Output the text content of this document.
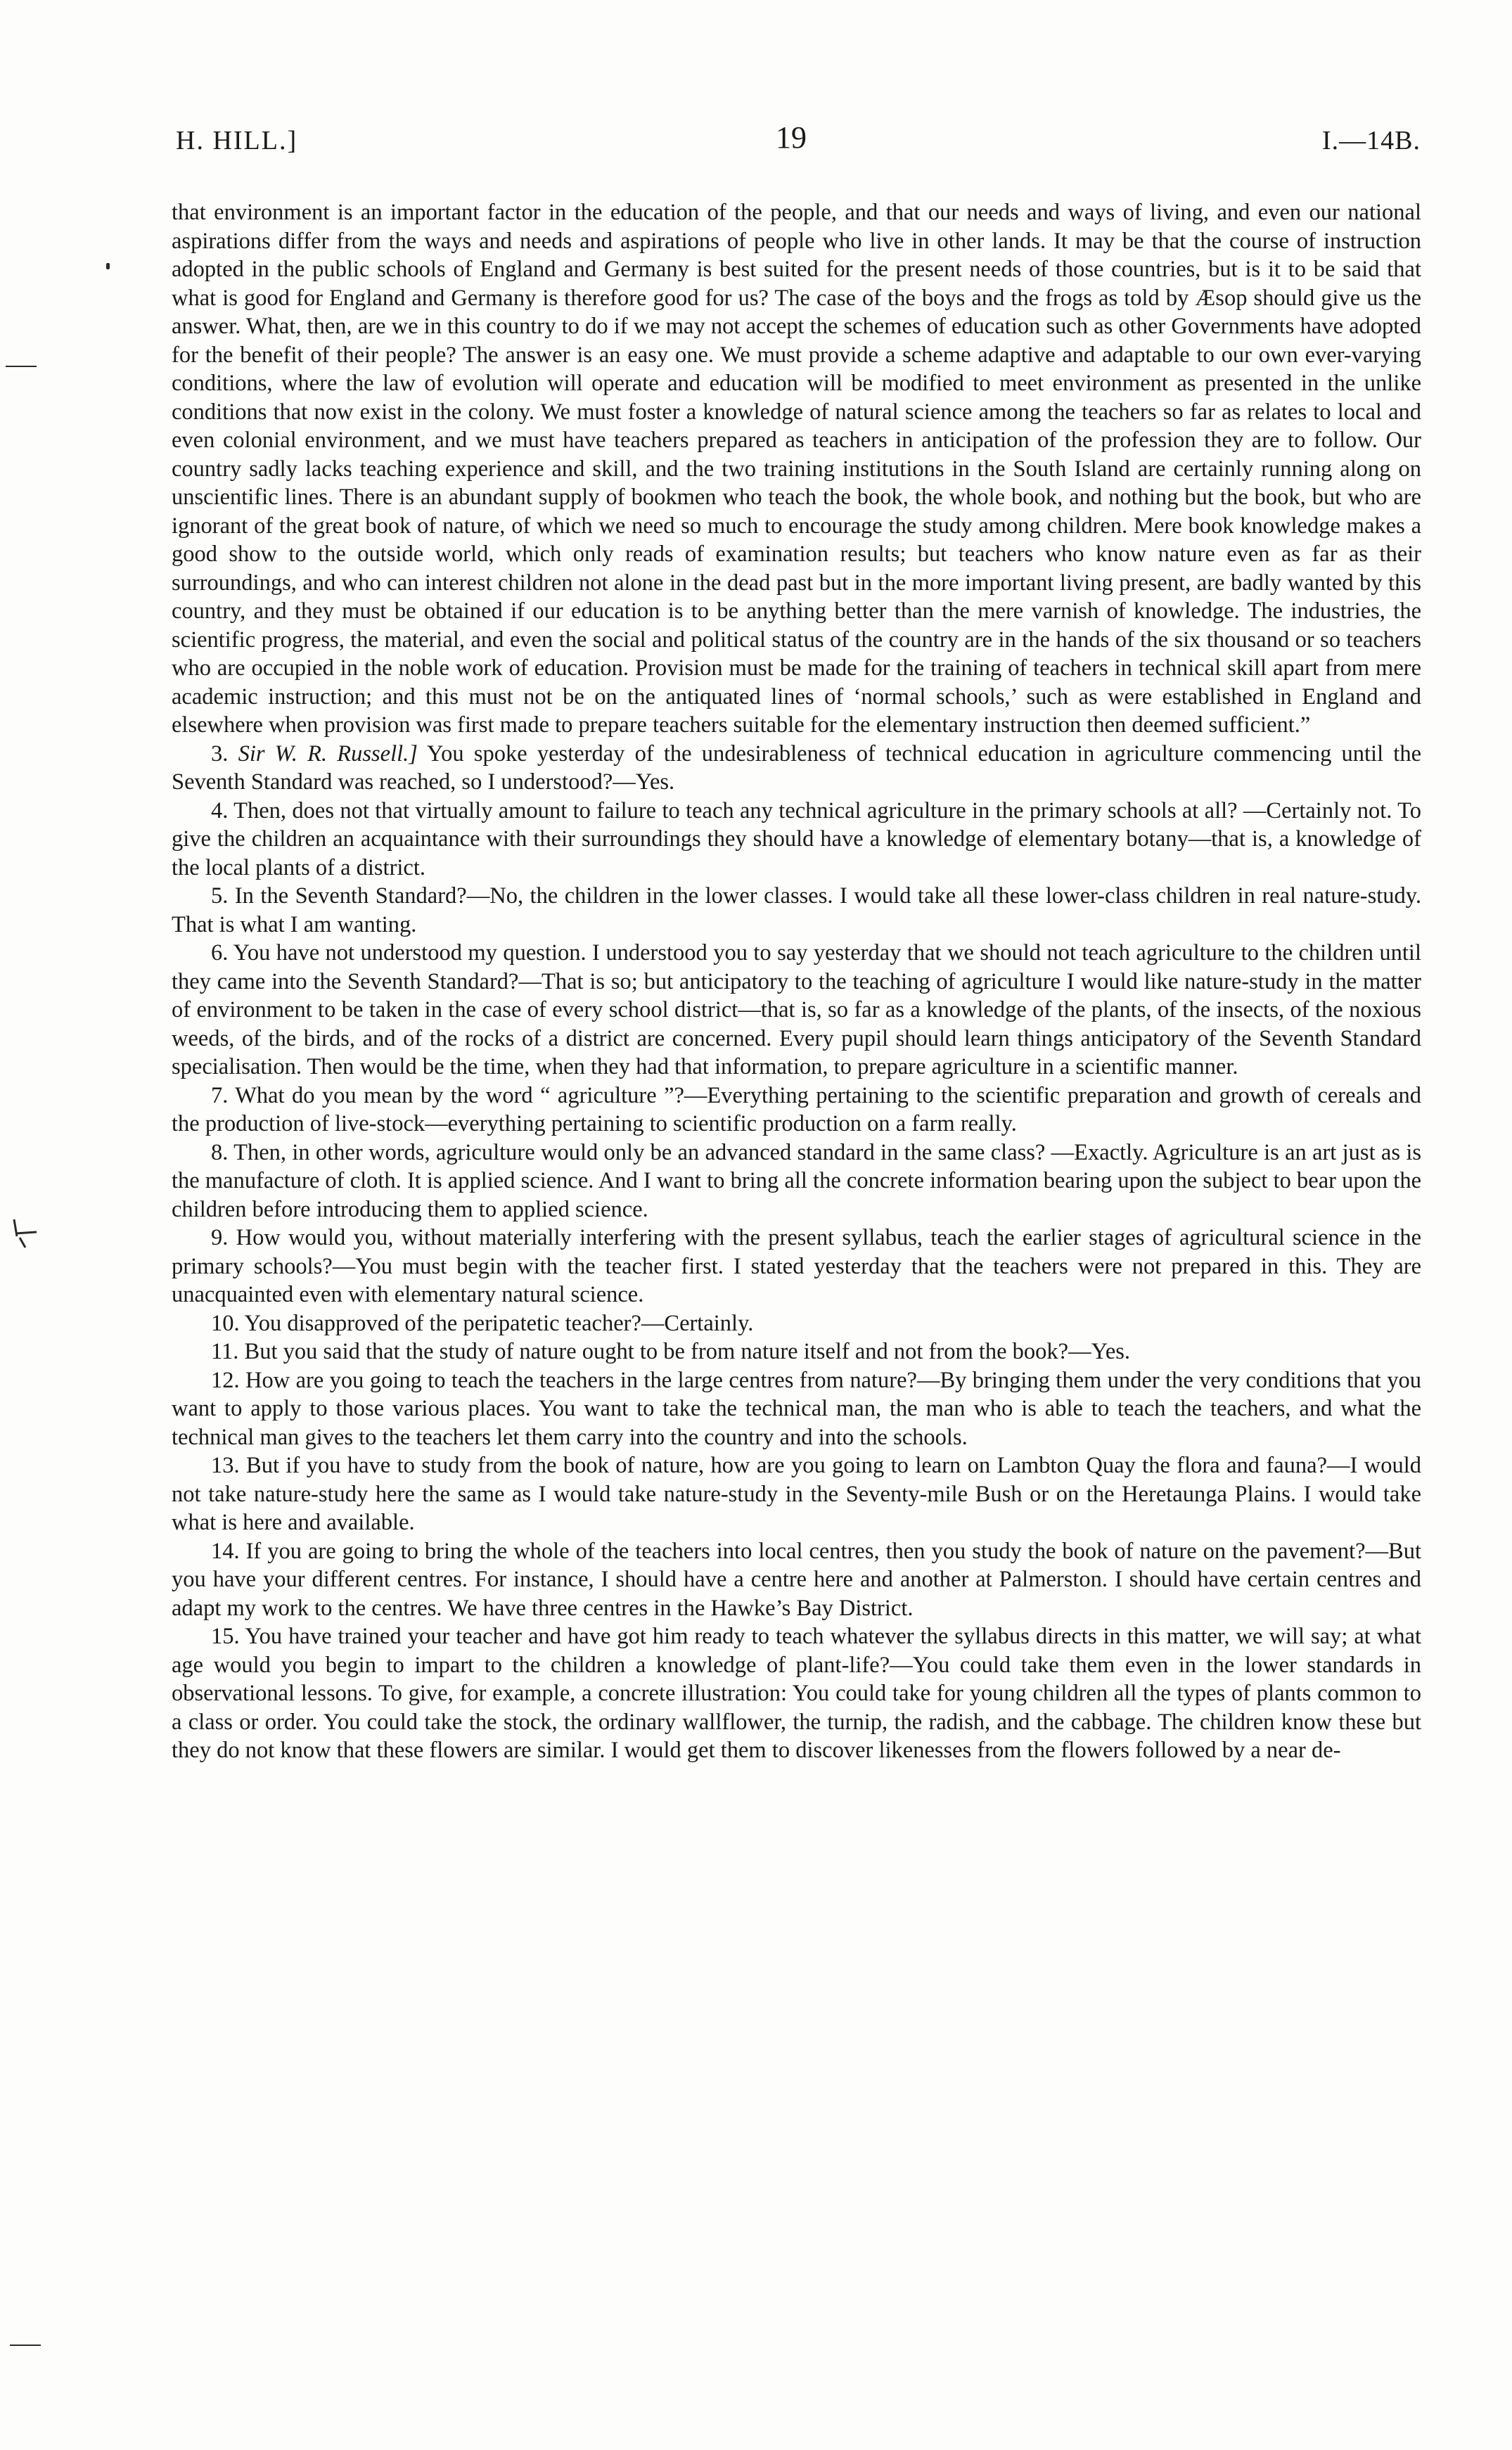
H. HILL.]	19	I.—14B.

that environment is an important factor in the education of the people, and that our needs and ways of living, and even our national aspirations differ from the ways and needs and aspirations of people who live in other lands. It may be that the course of instruction adopted in the public schools of England and Germany is best suited for the present needs of those countries, but is it to be said that what is good for England and Germany is therefore good for us? The case of the boys and the frogs as told by Æsop should give us the answer. What, then, are we in this country to do if we may not accept the schemes of education such as other Governments have adopted for the benefit of their people? The answer is an easy one. We must provide a scheme adaptive and adaptable to our own ever-varying conditions, where the law of evolution will operate and education will be modified to meet environment as presented in the unlike conditions that now exist in the colony. We must foster a knowledge of natural science among the teachers so far as relates to local and even colonial environment, and we must have teachers prepared as teachers in anticipation of the profession they are to follow. Our country sadly lacks teaching experience and skill, and the two training institutions in the South Island are certainly running along on unscientific lines. There is an abundant supply of bookmen who teach the book, the whole book, and nothing but the book, but who are ignorant of the great book of nature, of which we need so much to encourage the study among children. Mere book knowledge makes a good show to the outside world, which only reads of examination results; but teachers who know nature even as far as their surroundings, and who can interest children not alone in the dead past but in the more important living present, are badly wanted by this country, and they must be obtained if our education is to be anything better than the mere varnish of knowledge. The industries, the scientific progress, the material, and even the social and political status of the country are in the hands of the six thousand or so teachers who are occupied in the noble work of education. Provision must be made for the training of teachers in technical skill apart from mere academic instruction; and this must not be on the antiquated lines of ‘normal schools,’ such as were established in England and elsewhere when provision was first made to prepare teachers suitable for the elementary instruction then deemed sufficient.”

3. Sir W. R. Russell.] You spoke yesterday of the undesirableness of technical education in agriculture commencing until the Seventh Standard was reached, so I understood?—Yes.

4. Then, does not that virtually amount to failure to teach any technical agriculture in the primary schools at all? —Certainly not. To give the children an acquaintance with their surroundings they should have a knowledge of elementary botany—that is, a knowledge of the local plants of a district.

5. In the Seventh Standard?—No, the children in the lower classes. I would take all these lower-class children in real nature-study. That is what I am wanting.

6. You have not understood my question. I understood you to say yesterday that we should not teach agriculture to the children until they came into the Seventh Standard?—That is so; but anticipatory to the teaching of agriculture I would like nature-study in the matter of environment to be taken in the case of every school district—that is, so far as a knowledge of the plants, of the insects, of the noxious weeds, of the birds, and of the rocks of a district are concerned. Every pupil should learn things anticipatory of the Seventh Standard specialisation. Then would be the time, when they had that information, to prepare agriculture in a scientific manner.

7. What do you mean by the word “ agriculture ”?—Everything pertaining to the scientific preparation and growth of cereals and the production of live-stock—everything pertaining to scientific production on a farm really.

8. Then, in other words, agriculture would only be an advanced standard in the same class? —Exactly. Agriculture is an art just as is the manufacture of cloth. It is applied science. And I want to bring all the concrete information bearing upon the subject to bear upon the children before introducing them to applied science.

9. How would you, without materially interfering with the present syllabus, teach the earlier stages of agricultural science in the primary schools?—You must begin with the teacher first. I stated yesterday that the teachers were not prepared in this. They are unacquainted even with elementary natural science.

10. You disapproved of the peripatetic teacher?—Certainly.

11. But you said that the study of nature ought to be from nature itself and not from the book?—Yes.

12. How are you going to teach the teachers in the large centres from nature?—By bringing them under the very conditions that you want to apply to those various places. You want to take the technical man, the man who is able to teach the teachers, and what the technical man gives to the teachers let them carry into the country and into the schools.

13. But if you have to study from the book of nature, how are you going to learn on Lambton Quay the flora and fauna?—I would not take nature-study here the same as I would take nature-study in the Seventy-mile Bush or on the Heretaunga Plains. I would take what is here and available.

14. If you are going to bring the whole of the teachers into local centres, then you study the book of nature on the pavement?—But you have your different centres. For instance, I should have a centre here and another at Palmerston. I should have certain centres and adapt my work to the centres. We have three centres in the Hawke’s Bay District.

15. You have trained your teacher and have got him ready to teach whatever the syllabus directs in this matter, we will say; at what age would you begin to impart to the children a knowledge of plant-life?—You could take them even in the lower standards in observational lessons. To give, for example, a concrete illustration: You could take for young children all the types of plants common to a class or order. You could take the stock, the ordinary wallflower, the turnip, the radish, and the cabbage. The children know these but they do not know that these flowers are similar. I would get them to discover likenesses from the flowers followed by a near de-
